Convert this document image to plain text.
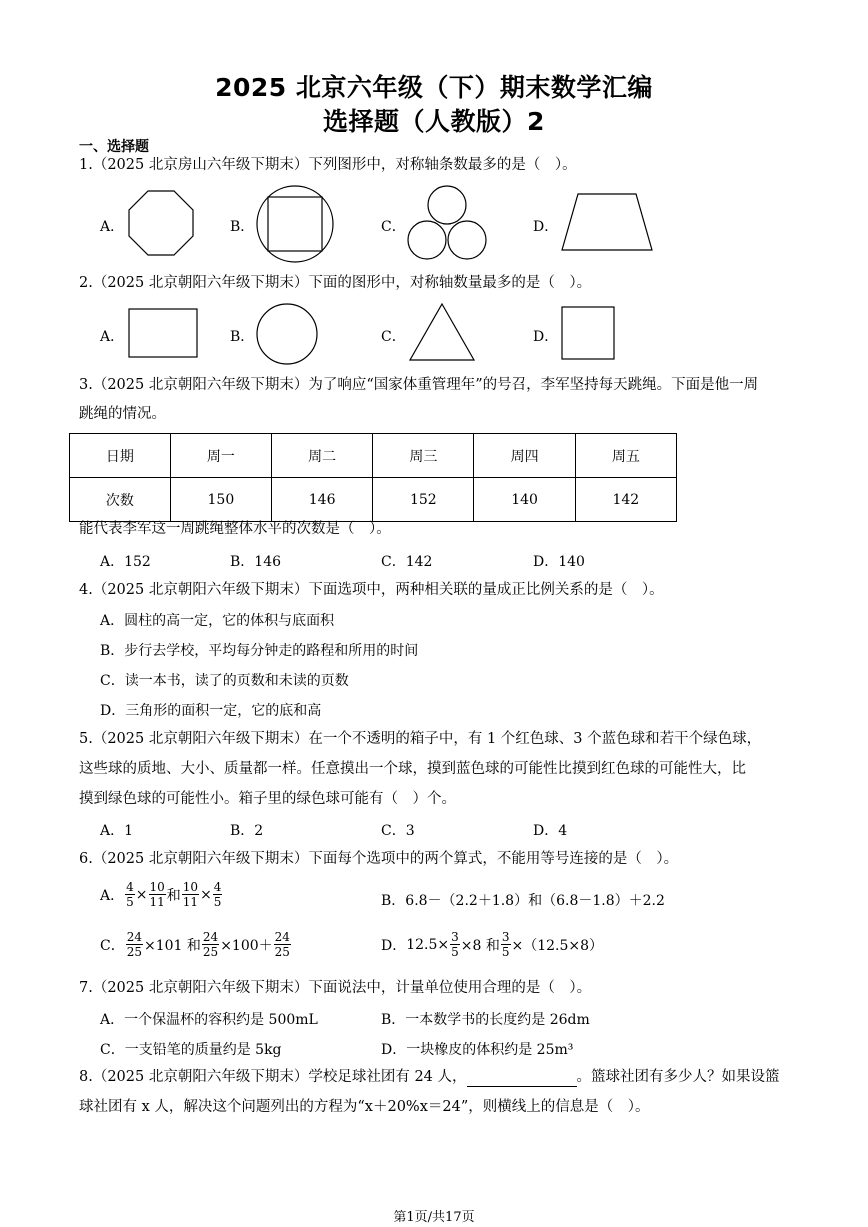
2025 北京六年级（下）期末数学汇编
选择题（人教版）2
一、选择题
1.（2025 北京房山六年级下期末）下列图形中，对称轴条数最多的是（　）。
A．	B．	C．	D．
2.（2025 北京朝阳六年级下期末）下面的图形中，对称轴数量最多的是（　）。
A．	B．	C．	D．
3.（2025 北京朝阳六年级下期末）为了响应“国家体重管理年”的号召，李军坚持每天跳绳。下面是他一周
跳绳的情况。
日期	周一	周二	周三	周四	周五
次数	150	146	152	140	142
能代表李军这一周跳绳整体水平的次数是（　）。
A．152	B．146	C．142	D．140
4.（2025 北京朝阳六年级下期末）下面选项中，两种相关联的量成正比例关系的是（　）。
A．圆柱的高一定，它的体积与底面积
B．步行去学校，平均每分钟走的路程和所用的时间
C．读一本书，读了的页数和未读的页数
D．三角形的面积一定，它的底和高
5.（2025 北京朝阳六年级下期末）在一个不透明的箱子中，有 1 个红色球、3 个蓝色球和若干个绿色球，
这些球的质地、大小、质量都一样。任意摸出一个球，摸到蓝色球的可能性比摸到红色球的可能性大，比
摸到绿色球的可能性小。箱子里的绿色球可能有（　）个。
A．1	B．2	C．3	D．4
6.（2025 北京朝阳六年级下期末）下面每个选项中的两个算式，不能用等号连接的是（　）。
A． $\frac{4}{5} \times \frac{10}{11}$ 和 $\frac{10}{11} \times \frac{4}{5}$	B．6.8－（2.2＋1.8）和（6.8－1.8）＋2.2
C． $\frac{24}{25} \times 101$ 和 $\frac{24}{25} \times 100+ \frac{24}{25}$	D． $12.5\times \frac{3}{5} \times 8$ 和 $\frac{3}{5} \times(12.5\times 8)$
7.（2025 北京朝阳六年级下期末）下面说法中，计量单位使用合理的是（　）。
A．一个保温杯的容积约是 500mL	B．一本数学书的长度约是 26dm
C．一支铅笔的质量约是 5kg	D．一块橡皮的体积约是 25m³
8.（2025 北京朝阳六年级下期末）学校足球社团有 24 人，	。篮球社团有多少人？如果设篮
球社团有 x 人，解决这个问题列出的方程为“x＋20%x＝24”，则横线上的信息是（　）。
第1页/共17页
